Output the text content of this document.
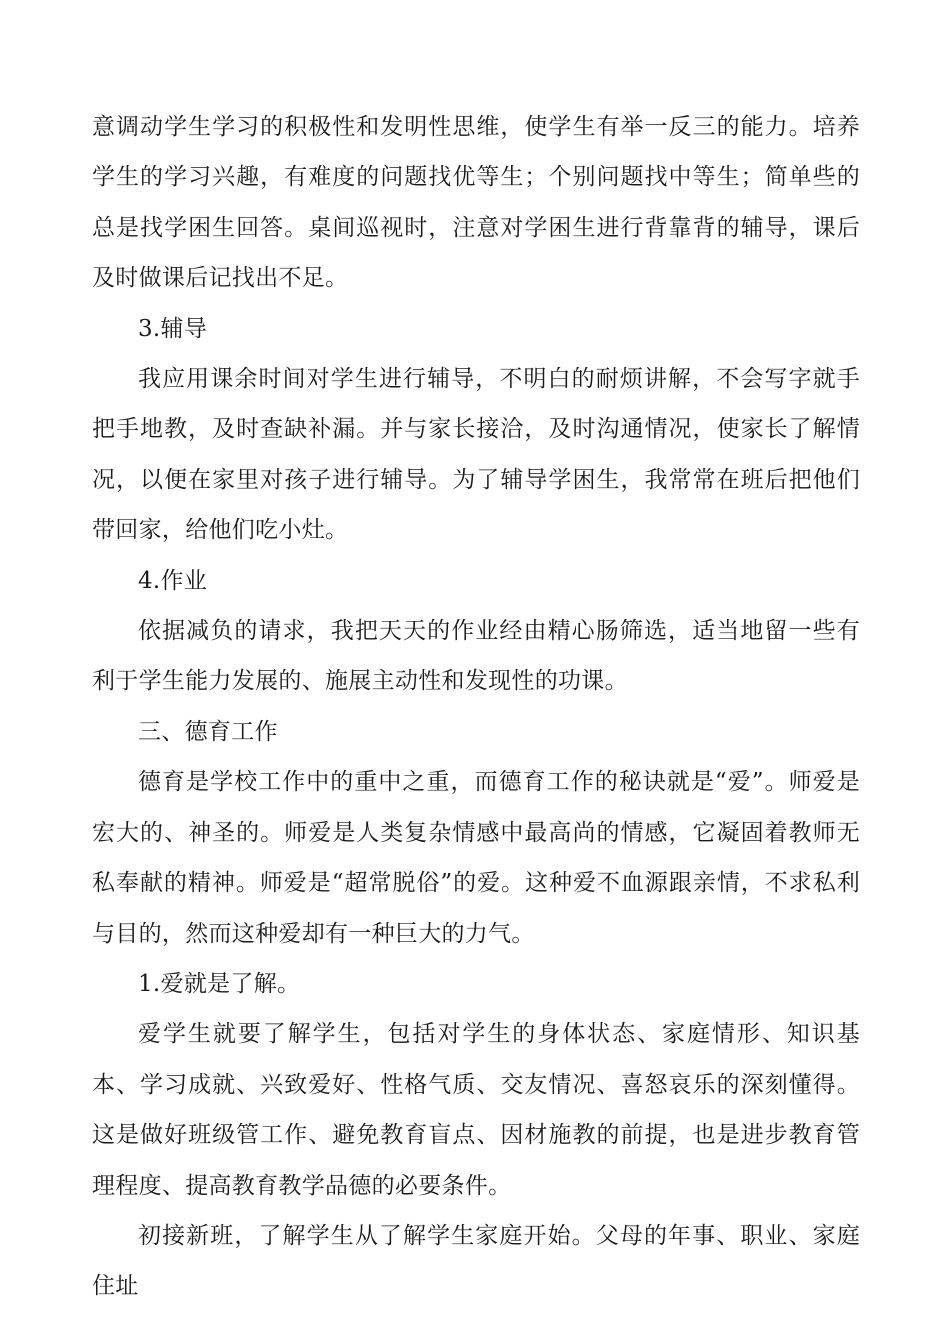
意调动学生学习的积极性和发明性思维，使学生有举一反三的能力。培养学生的学习兴趣，有难度的问题找优等生；个别问题找中等生；简单些的总是找学困生回答。桌间巡视时，注意对学困生进行背靠背的辅导，课后及时做课后记找出不足。

3.辅导

我应用课余时间对学生进行辅导，不明白的耐烦讲解，不会写字就手把手地教，及时查缺补漏。并与家长接洽，及时沟通情况，使家长了解情况，以便在家里对孩子进行辅导。为了辅导学困生，我常常在班后把他们带回家，给他们吃小灶。

4.作业

依据减负的请求，我把天天的作业经由精心肠筛选，适当地留一些有利于学生能力发展的、施展主动性和发现性的功课。

三、德育工作

德育是学校工作中的重中之重，而德育工作的秘诀就是“爱”。师爱是宏大的、神圣的。师爱是人类复杂情感中最高尚的情感，它凝固着教师无私奉献的精神。师爱是“超常脱俗”的爱。这种爱不血源跟亲情，不求私利与目的，然而这种爱却有一种巨大的力气。

1.爱就是了解。

爱学生就要了解学生，包括对学生的身体状态、家庭情形、知识基本、学习成就、兴致爱好、性格气质、交友情况、喜怒哀乐的深刻懂得。这是做好班级管工作、避免教育盲点、因材施教的前提，也是进步教育管理程度、提高教育教学品德的必要条件。

初接新班，了解学生从了解学生家庭开始。父母的年事、职业、家庭住址
